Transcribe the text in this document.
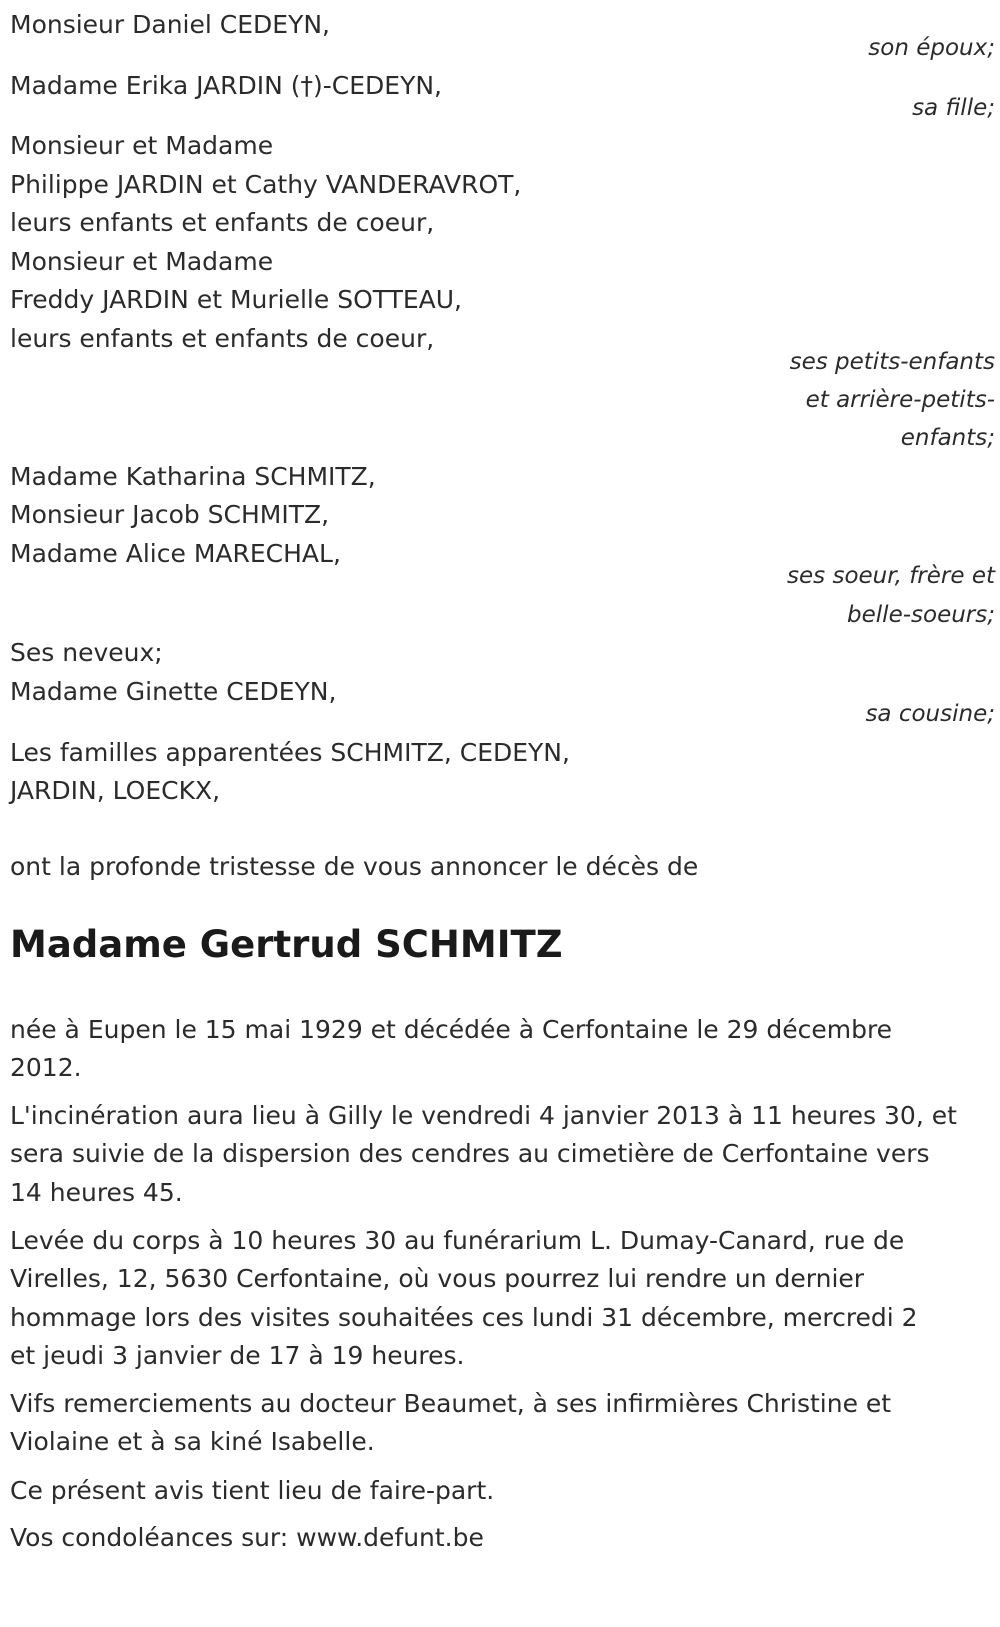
Monsieur Daniel CEDEYN,
son époux;
Madame Erika JARDIN (†)-CEDEYN,
sa fille;
Monsieur et Madame
Philippe JARDIN et Cathy VANDERAVROT,
leurs enfants et enfants de coeur,
Monsieur et Madame
Freddy JARDIN et Murielle SOTTEAU,
leurs enfants et enfants de coeur,
ses petits-enfants
et arrière-petits-
enfants;
Madame Katharina SCHMITZ,
Monsieur Jacob SCHMITZ,
Madame Alice MARECHAL,
ses soeur, frère et
belle-soeurs;
Ses neveux;
Madame Ginette CEDEYN,
sa cousine;
Les familles apparentées SCHMITZ, CEDEYN,
JARDIN, LOECKX,
ont la profonde tristesse de vous annoncer le décès de
Madame Gertrud SCHMITZ
née à Eupen le 15 mai 1929 et décédée à Cerfontaine le 29 décembre
2012.
L'incinération aura lieu à Gilly le vendredi 4 janvier 2013 à 11 heures 30, et
sera suivie de la dispersion des cendres au cimetière de Cerfontaine vers
14 heures 45.
Levée du corps à 10 heures 30 au funérarium L. Dumay-Canard, rue de
Virelles, 12, 5630 Cerfontaine, où vous pourrez lui rendre un dernier
hommage lors des visites souhaitées ces lundi 31 décembre, mercredi 2
et jeudi 3 janvier de 17 à 19 heures.
Vifs remerciements au docteur Beaumet, à ses infirmières Christine et
Violaine et à sa kiné Isabelle.
Ce présent avis tient lieu de faire-part.
Vos condoléances sur: www.defunt.be
